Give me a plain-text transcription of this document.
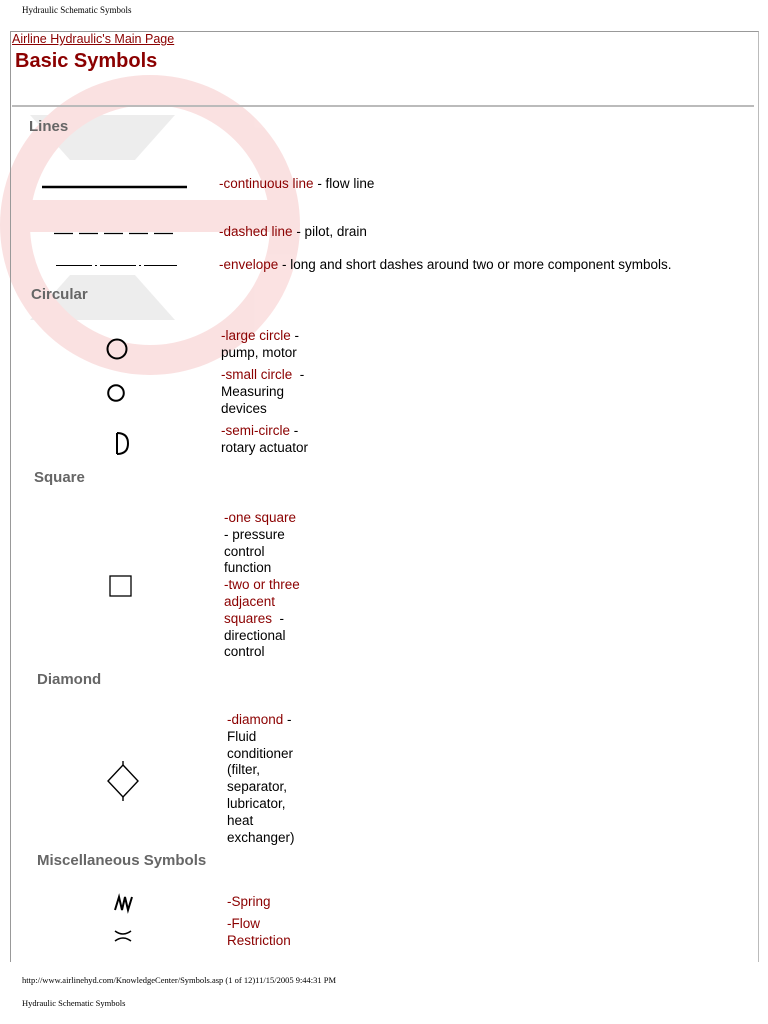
Hydraulic Schematic Symbols
Airline Hydraulic's Main Page
Basic Symbols
Lines
-continuous line - flow line
-dashed line - pilot, drain
-envelope - long and short dashes around two or more component symbols.
Circular
-large circle -
pump, motor
-small circle  -
Measuring
devices
-semi-circle -
rotary actuator
Square
-one square
- pressure
control
function
-two or three
adjacent
squares  -
directional
control
Diamond
-diamond -
Fluid
conditioner
(filter,
separator,
lubricator,
heat
exchanger)
Miscellaneous Symbols
-Spring
-Flow
Restriction
http://www.airlinehyd.com/KnowledgeCenter/Symbols.asp (1 of 12)11/15/2005 9:44:31 PM
Hydraulic Schematic Symbols
